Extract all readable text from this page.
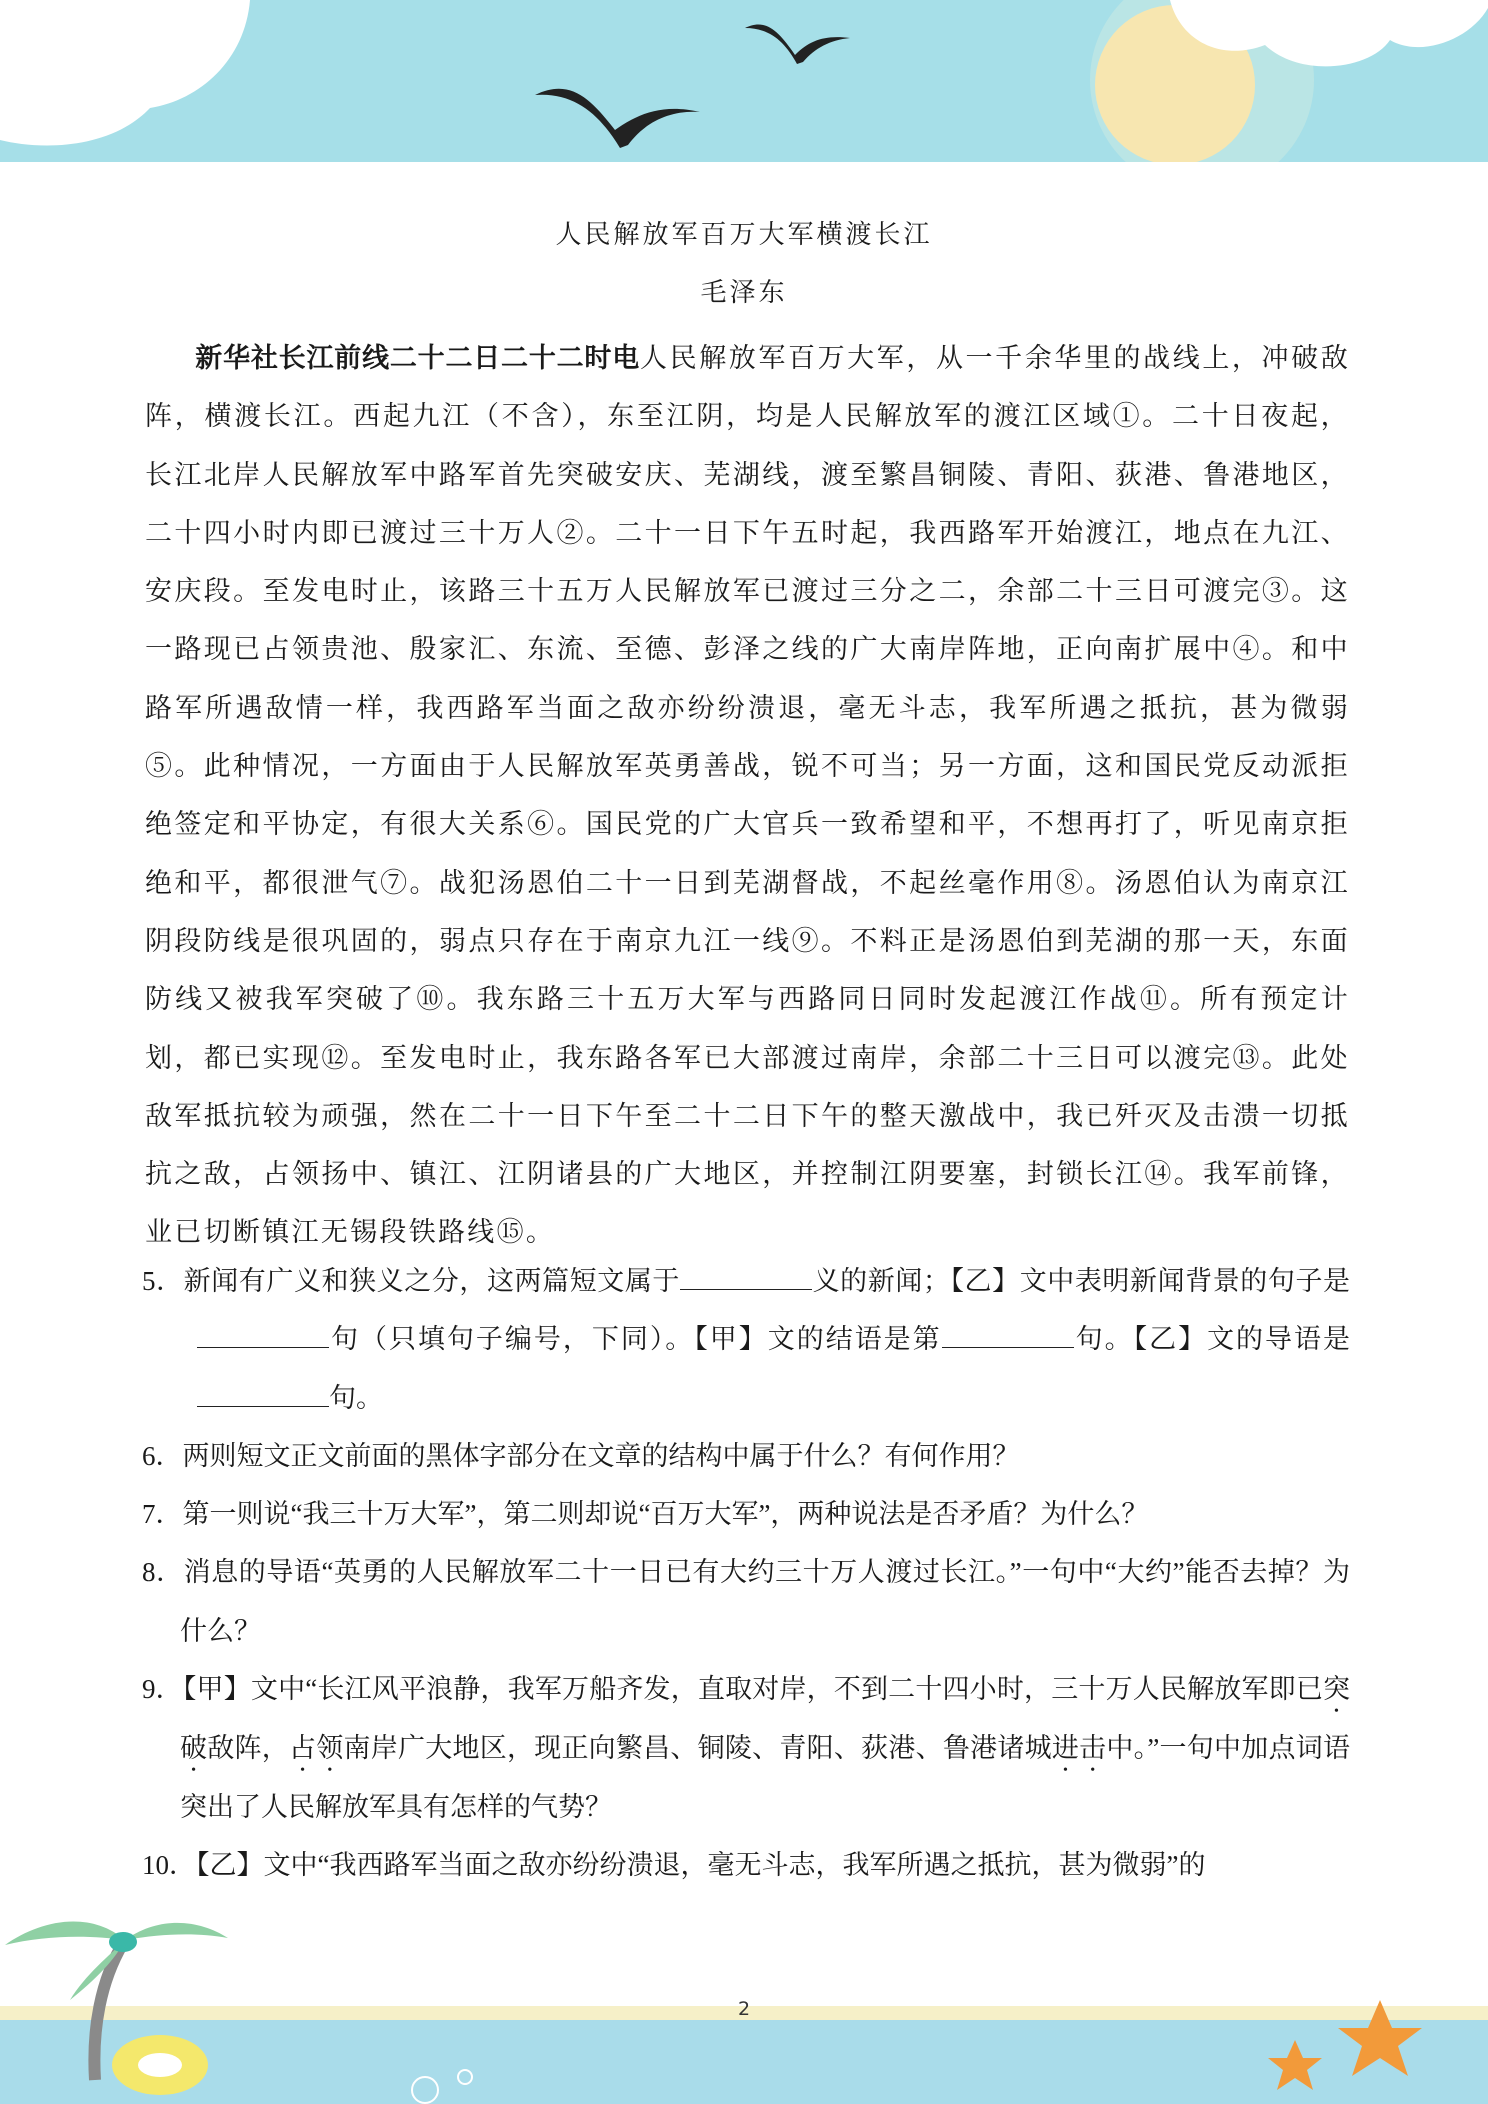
人民解放军百万大军横渡长江
毛泽东

新华社长江前线二十二日二十二时电人民解放军百万大军，从一千余华里的战线上，冲破敌阵，横渡长江。西起九江（不含），东至江阴，均是人民解放军的渡江区域①。二十日夜起，长江北岸人民解放军中路军首先突破安庆、芜湖线，渡至繁昌铜陵、青阳、荻港、鲁港地区，二十四小时内即已渡过三十万人②。二十一日下午五时起，我西路军开始渡江，地点在九江、安庆段。至发电时止，该路三十五万人民解放军已渡过三分之二，余部二十三日可渡完③。这一路现已占领贵池、殷家汇、东流、至德、彭泽之线的广大南岸阵地，正向南扩展中④。和中路军所遇敌情一样，我西路军当面之敌亦纷纷溃退，毫无斗志，我军所遇之抵抗，甚为微弱⑤。此种情况，一方面由于人民解放军英勇善战，锐不可当；另一方面，这和国民党反动派拒绝签定和平协定，有很大关系⑥。国民党的广大官兵一致希望和平，不想再打了，听见南京拒绝和平，都很泄气⑦。战犯汤恩伯二十一日到芜湖督战，不起丝毫作用⑧。汤恩伯认为南京江阴段防线是很巩固的，弱点只存在于南京九江一线⑨。不料正是汤恩伯到芜湖的那一天，东面防线又被我军突破了⑩。我东路三十五万大军与西路同日同时发起渡江作战⑪。所有预定计划，都已实现⑫。至发电时止，我东路各军已大部渡过南岸，余部二十三日可以渡完⑬。此处敌军抵抗较为顽强，然在二十一日下午至二十二日下午的整天激战中，我已歼灭及击溃一切抵抗之敌，占领扬中、镇江、江阴诸县的广大地区，并控制江阴要塞，封锁长江⑭。我军前锋，业已切断镇江无锡段铁路线⑮。

5．新闻有广义和狭义之分，这两篇短文属于	义的新闻；【乙】文中表明新闻背景的句子是句（只填句子编号，下同）。【甲】文的结语是第	句。【乙】文的导语是句。

6．两则短文正文前面的黑体字部分在文章的结构中属于什么？有何作用？

7．第一则说“我三十万大军”，第二则却说“百万大军”，两种说法是否矛盾？为什么？

8．消息的导语“英勇的人民解放军二十一日已有大约三十万人渡过长江。”一句中“大约”能否去掉？为什么？

9．【甲】文中“长江风平浪静，我军万船齐发，直取对岸，不到二十四小时，三十万人民解放军即已突破敌阵，占领南岸广大地区，现正向繁昌、铜陵、青阳、荻港、鲁港诸城进击中。”一句中加点词语突出了人民解放军具有怎样的气势？

10．【乙】文中“我西路军当面之敌亦纷纷溃退，毫无斗志，我军所遇之抵抗，甚为微弱”的

2
